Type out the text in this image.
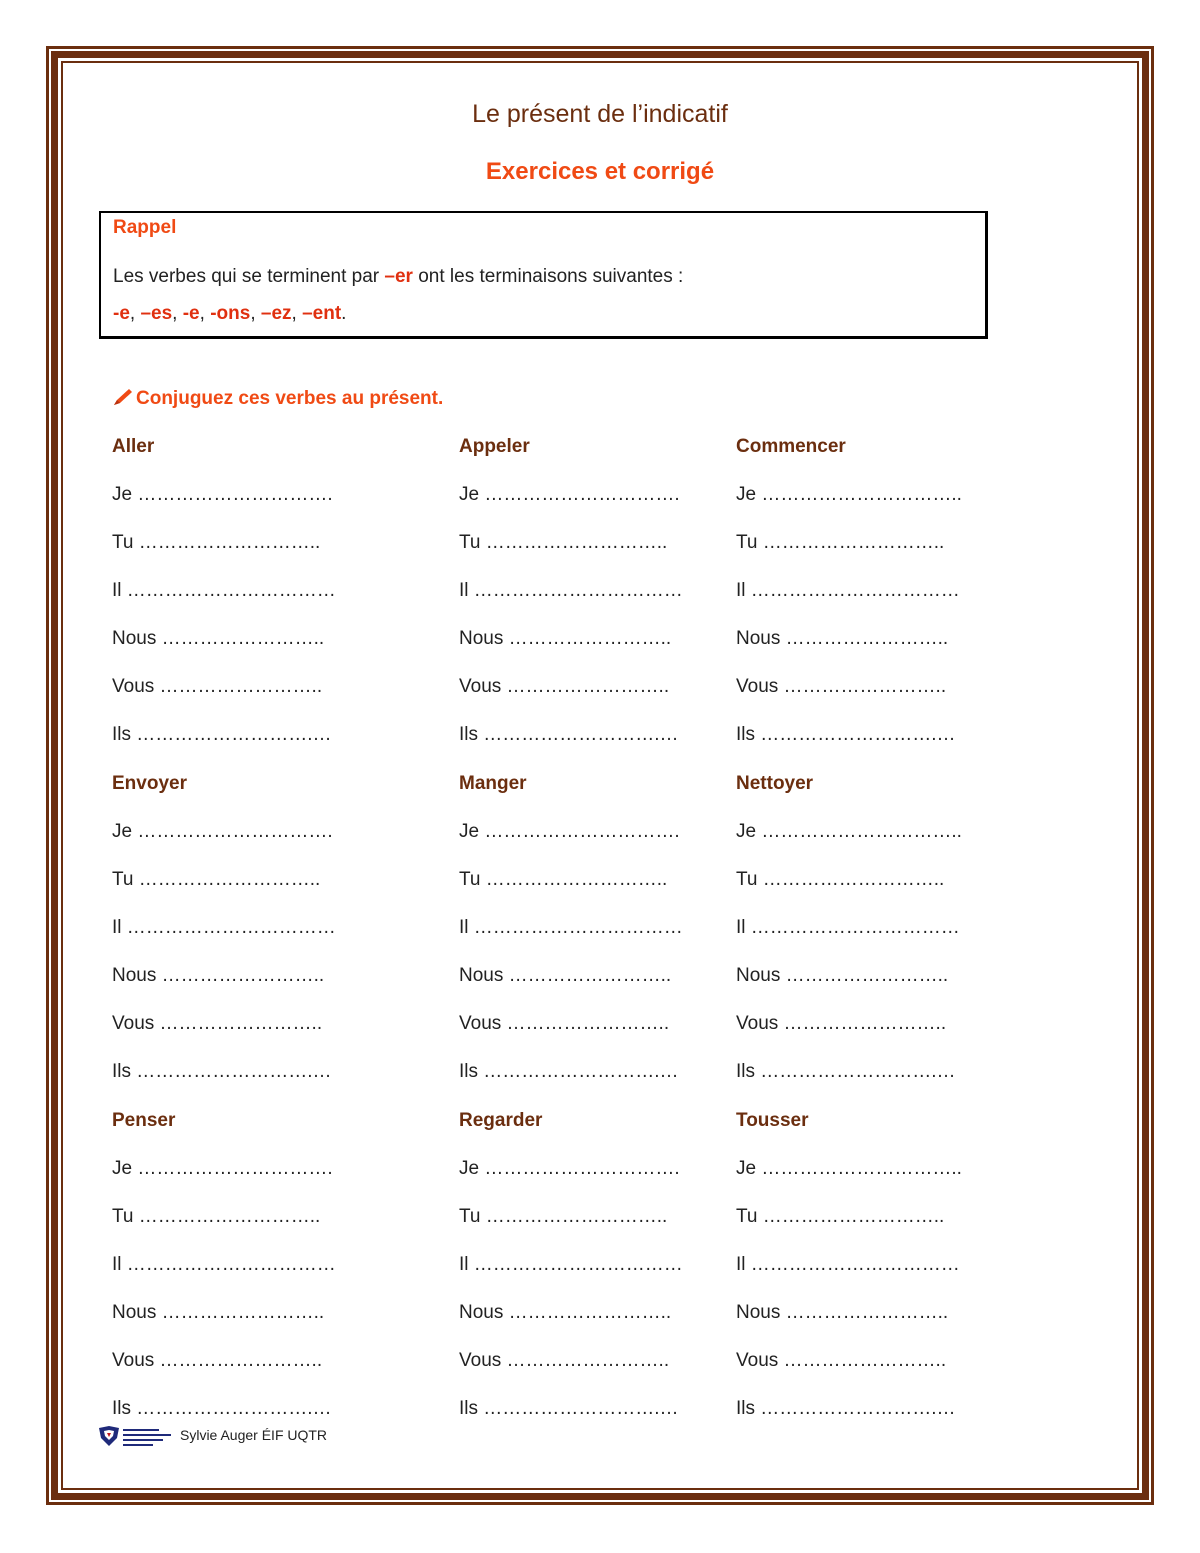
Le présent de l’indicatif
Exercices et corrigé
Rappel
Les verbes qui se terminent par –er ont les terminaisons suivantes :
-e, –es, -e, -ons, –ez, –ent.
Conjuguez ces verbes au présent.
Aller
Je ………………………….
Tu ………………………..
Il ……………………………
Nous ……………………..
Vous ……………………..
Ils ……………………….…
Appeler
Je ………………………….
Tu ………………………..
Il ……………………………
Nous ……………………..
Vous ……………………..
Ils ……………………….…
Commencer
Je …………………………..
Tu ………………………..
Il ……………………………
Nous ……………………..
Vous ……………………..
Ils ……………………….…
Envoyer
Je ………………………….
Tu ………………………..
Il ……………………………
Nous ……………………..
Vous ……………………..
Ils ……………………….…
Manger
Je ………………………….
Tu ………………………..
Il ……………………………
Nous ……………………..
Vous ……………………..
Ils ……………………….…
Nettoyer
Je …………………………..
Tu ………………………..
Il ……………………………
Nous ……………………..
Vous ……………………..
Ils ……………………….…
Penser
Je ………………………….
Tu ………………………..
Il ……………………………
Nous ……………………..
Vous ……………………..
Ils ……………………….…
Regarder
Je ………………………….
Tu ………………………..
Il ……………………………
Nous ……………………..
Vous ……………………..
Ils ……………………….…
Tousser
Je …………………………..
Tu ………………………..
Il ……………………………
Nous ……………………..
Vous ……………………..
Ils ……………………….…
Sylvie Auger ÉIF UQTR
